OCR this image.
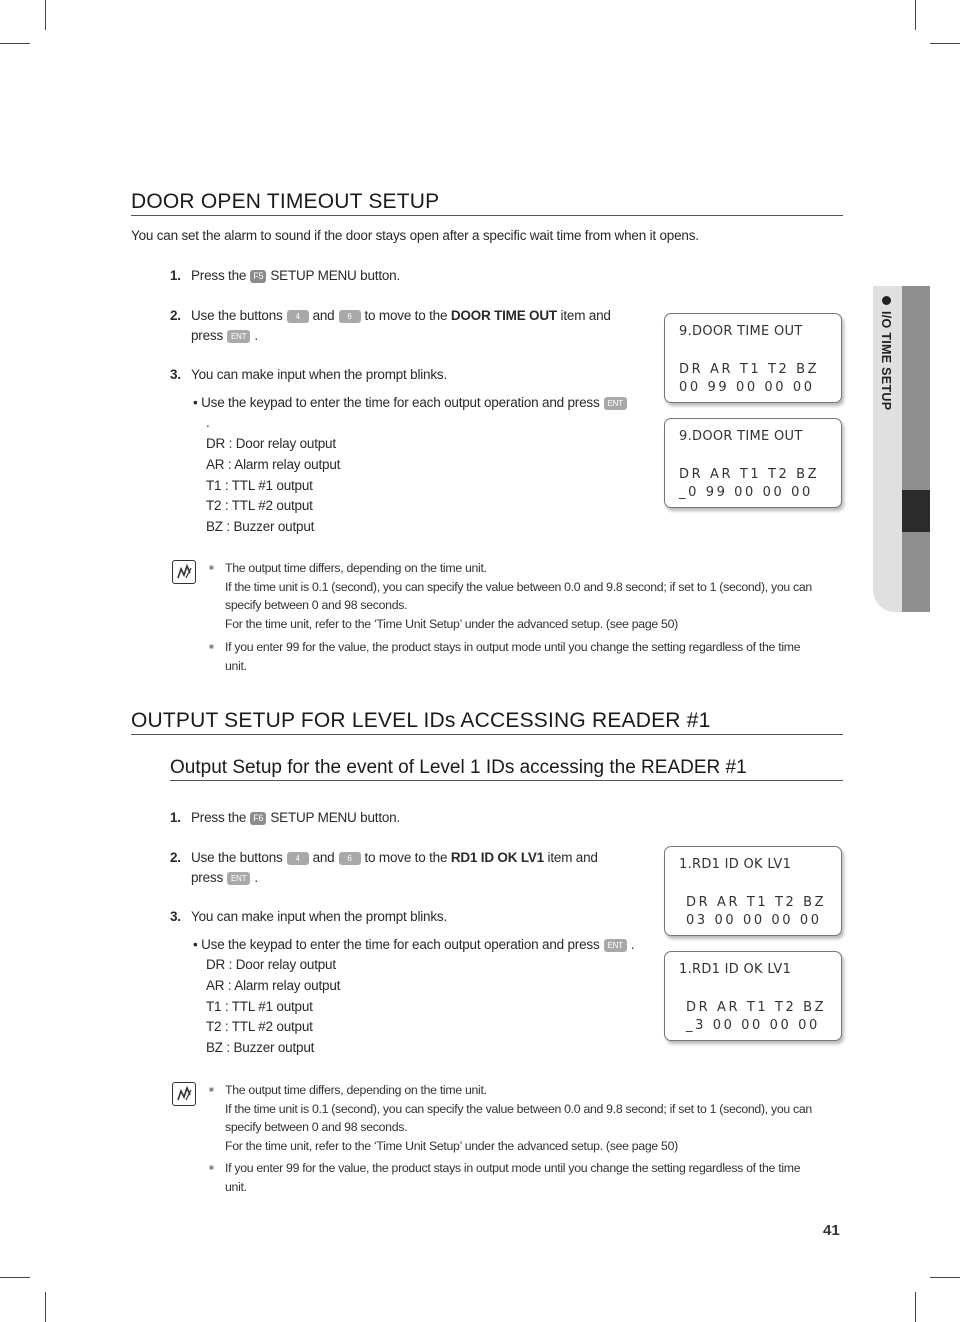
I/O TIME SETUP
DOOR OPEN TIMEOUT SETUP
You can set the alarm to sound if the door stays open after a specific wait time from when it opens.
1. Press the F5 SETUP MENU button.
2. Use the buttons 4 and 6 to move to the DOOR TIME OUT item and
press ENT .
3. You can make input when the prompt blinks.
• Use the keypad to enter the time for each output operation and press ENT
.
DR : Door relay output
AR : Alarm relay output
T1 : TTL #1 output
T2 : TTL #2 output
BZ : Buzzer output
9.DOOR TIME OUT
DR AR T1 T2 BZ
00 99 00 00 00
9.DOOR TIME OUT
DR AR T1 T2 BZ
_0 99 00 00 00
■ The output time differs, depending on the time unit.
If the time unit is 0.1 (second), you can specify the value between 0.0 and 9.8 second; if set to 1 (second), you can
specify between 0 and 98 seconds.
For the time unit, refer to the ‘Time Unit Setup’ under the advanced setup. (see page 50)
■ If you enter 99 for the value, the product stays in output mode until you change the setting regardless of the time
unit.
OUTPUT SETUP FOR LEVEL IDs ACCESSING READER #1
Output Setup for the event of Level 1 IDs accessing the READER #1
1. Press the F6 SETUP MENU button.
2. Use the buttons 4 and 6 to move to the RD1 ID OK LV1 item and
press ENT .
3. You can make input when the prompt blinks.
• Use the keypad to enter the time for each output operation and press ENT .
DR : Door relay output
AR : Alarm relay output
T1 : TTL #1 output
T2 : TTL #2 output
BZ : Buzzer output
1.RD1 ID OK LV1
DR AR T1 T2 BZ
03 00 00 00 00
1.RD1 ID OK LV1
DR AR T1 T2 BZ
_3 00 00 00 00
■ The output time differs, depending on the time unit.
If the time unit is 0.1 (second), you can specify the value between 0.0 and 9.8 second; if set to 1 (second), you can
specify between 0 and 98 seconds.
For the time unit, refer to the ‘Time Unit Setup’ under the advanced setup. (see page 50)
■ If you enter 99 for the value, the product stays in output mode until you change the setting regardless of the time
unit.
41
